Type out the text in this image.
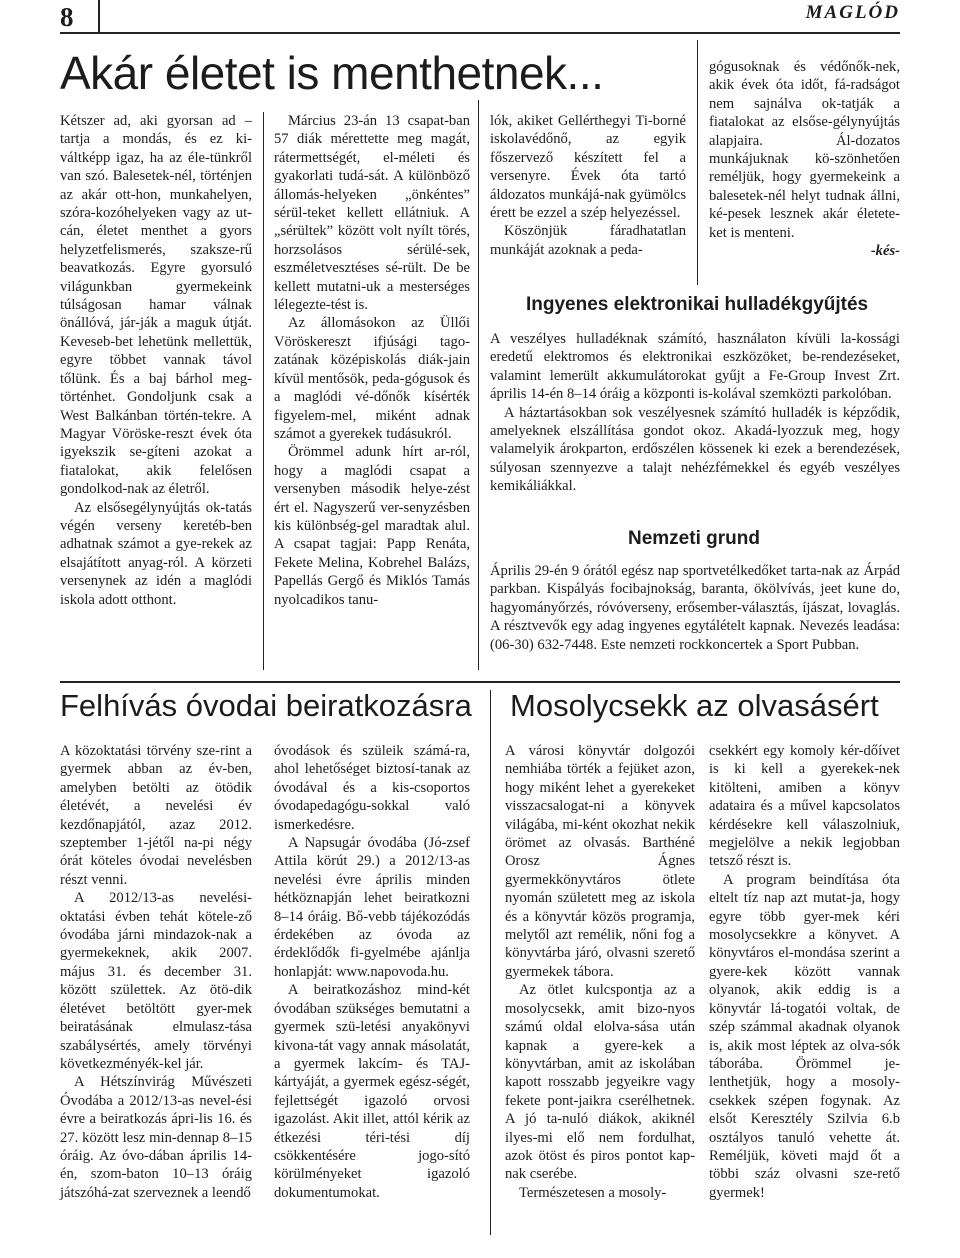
8	MAGLÓD
Akár életet is menthetnek...

Kétszer ad, aki gyorsan ad – tartja a mondás, és ez ki-váltképp igaz, ha az éle-tünkről van szó. Balesetek-nél, történjen az akár ott-hon, munkahelyen, szóra-kozóhelyeken vagy az ut-cán, életet menthet a gyors helyzetfelismerés, szaksze-rű beavatkozás. Egyre gyorsuló világunkban gyermekeink túlságosan hamar válnak önállóvá, jár-ják a maguk útját. Keveseb-bet lehetünk mellettük, egyre többet vannak távol tőlünk. És a baj bárhol meg-történhet. Gondoljunk csak a West Balkánban történ-tekre. A Magyar Vöröske-reszt évek óta igyekszik se-gíteni azokat a fiatalokat, akik felelősen gondolkod-nak az életről.

Az elsősegélynyújtás ok-tatás végén verseny keretéb-ben adhatnak számot a gye-rekek az elsajátított anyag-ról. A körzeti versenynek az idén a maglódi iskola adott otthont.

Március 23-án 13 csapat-ban 57 diák mérettette meg magát, rátermettségét, el-méleti és gyakorlati tudá-sát. A különböző állomás-helyeken „önkéntes” sérül-teket kellett ellátniuk. A „sérültek” között volt nyílt törés, horzsolásos sérülé-sek, eszméletvesztéses sé-rült. De be kellett mutatni-uk a mesterséges lélegezte-tést is.

Az állomásokon az Üllői Vöröskereszt ifjúsági tago-zatának középiskolás diák-jain kívül mentősök, peda-gógusok és a maglódi vé-dőnők kísérték figyelem-mel, miként adnak számot a gyerekek tudásukról.

Örömmel adunk hírt ar-ról, hogy a maglódi csapat a versenyben második helye-zést ért el. Nagyszerű ver-senyzésben kis különbség-gel maradtak alul. A csapat tagjai: Papp Renáta, Fekete Melina, Kobrehel Balázs, Papellás Gergő és Miklós Tamás nyolcadikos tanu-

lók, akiket Gellérthegyi Ti-borné iskolavédőnő, az egyik főszervező készített fel a versenyre. Évek óta tartó áldozatos munkájá-nak gyümölcs érett be ezzel a szép helyezéssel.

Köszönjük fáradhatatlan munkáját azoknak a peda-

gógusoknak és védőnők-nek, akik évek óta időt, fá-radságot nem sajnálva ok-tatják a fiatalokat az elsőse-gélynyújtás alapjaira. Ál-dozatos munkájuknak kö-szönhetően reméljük, hogy gyermekeink a balesetek-nél helyt tudnak állni, ké-pesek lesznek akár életete-ket is menteni.

-kés-

Ingyenes elektronikai hulladékgyűjtés

A veszélyes hulladéknak számító, használaton kívüli la-kossági eredetű elektromos és elektronikai eszközöket, be-rendezéseket, valamint lemerült akkumulátorokat gyűjt a Fe-Group Invest Zrt. április 14-én 8–14 óráig a központi is-kolával szemközti parkolóban.

A háztartásokban sok veszélyesnek számító hulladék is képződik, amelyeknek elszállítása gondot okoz. Akadá-lyozzuk meg, hogy valamelyik árokparton, erdőszélen kössenek ki ezek a berendezések, súlyosan szennyezve a talajt nehézfémekkel és egyéb veszélyes kemikáliákkal.

Nemzeti grund

Április 29-én 9 órától egész nap sportvetélkedőket tarta-nak az Árpád parkban. Kispályás focibajnokság, baranta, ökölvívás, jeet kune do, hagyományőrzés, róvóverseny, erősember-választás, íjászat, lovaglás. A résztvevők egy adag ingyenes egytálételt kapnak. Nevezés leadása: (06-30) 632-7448. Este nemzeti rockkoncertek a Sport Pubban.

Felhívás óvodai beiratkozásra

A közoktatási törvény sze-rint a gyermek abban az év-ben, amelyben betölti az ötödik életévét, a nevelési év kezdőnapjától, azaz 2012. szeptember 1-jétől na-pi négy órát köteles óvodai nevelésben részt venni.

A 2012/13-as nevelési-oktatási évben tehát kötele-ző óvodába járni mindazok-nak a gyermekeknek, akik 2007. május 31. és december 31. között születtek. Az ötö-dik életévet betöltött gyer-mek beiratásának elmulasz-tása szabálysértés, amely törvényi következményék-kel jár.

A Hétszínvirág Művészeti Óvodába a 2012/13-as nevel-ési évre a beiratkozás ápri-lis 16. és 27. között lesz min-dennap 8–15 óráig. Az óvo-dában április 14-én, szom-baton 10–13 óráig játszóhá-zat szerveznek a leendő

óvodások és szüleik számá-ra, ahol lehetőséget biztosí-tanak az óvodával és a kis-csoportos óvodapedagógu-sokkal való ismerkedésre.

A Napsugár óvodába (Jó-zsef Attila körút 29.) a 2012/13-as nevelési évre április minden hétköznapján lehet beiratkozni 8–14 óráig. Bő-vebb tájékozódás érdekében az óvoda az érdeklődők fi-gyelmébe ajánlja honlapját: www.napovoda.hu.

A beiratkozáshoz mind-két óvodában szükséges bemutatni a gyermek szü-letési anyakönyvi kivona-tát vagy annak másolatát, a gyermek lakcím- és TAJ-kártyáját, a gyermek egész-ségét, fejlettségét igazoló orvosi igazolást. Akit illet, attól kérik az étkezési téri-tési díj csökkentésére jogo-sító körülményeket igazoló dokumentumokat.

Mosolycsekk az olvasásért

A városi könyvtár dolgozói nemhiába törték a fejüket azon, hogy miként lehet a gyerekeket visszacsalogat-ni a könyvek világába, mi-ként okozhat nekik örömet az olvasás. Barthéné Orosz Ágnes gyermekkönyvtáros ötlete nyomán született meg az iskola és a könyvtár közös programja, melytől azt remélik, nőni fog a könyvtárba járó, olvasni szerető gyermekek tábora.

Az ötlet kulcspontja az a mosolycsekk, amit bizo-nyos számú oldal elolva-sása után kapnak a gyere-kek a könyvtárban, amit az iskolában kapott rosszabb jegyeikre vagy fekete pont-jaikra cserélhetnek. A jó ta-nuló diákok, akiknél ilyes-mi elő nem fordulhat, azok ötöst és piros pontot kap-nak cserébe.

Természetesen a mosoly-

csekkért egy komoly kér-dőívet is ki kell a gyerekek-nek kitölteni, amiben a könyv adataira és a művel kapcsolatos kérdésekre kell válaszolniuk, megjelölve a nekik legjobban tetsző részt is.

A program beindítása óta eltelt tíz nap azt mutat-ja, hogy egyre több gyer-mek kéri mosolycsekkre a könyvet. A könyvtáros el-mondása szerint a gyere-kek között vannak olyanok, akik eddig is a könyvtár lá-togatói voltak, de szép számmal akadnak olyanok is, akik most léptek az olva-sók táborába. Örömmel je-lenthetjük, hogy a mosoly-csekkek szépen fogynak. Az elsőt Keresztély Szilvia 6.b osztályos tanuló vehette át. Reméljük, követi majd őt a többi száz olvasni sze-rető gyermek!
